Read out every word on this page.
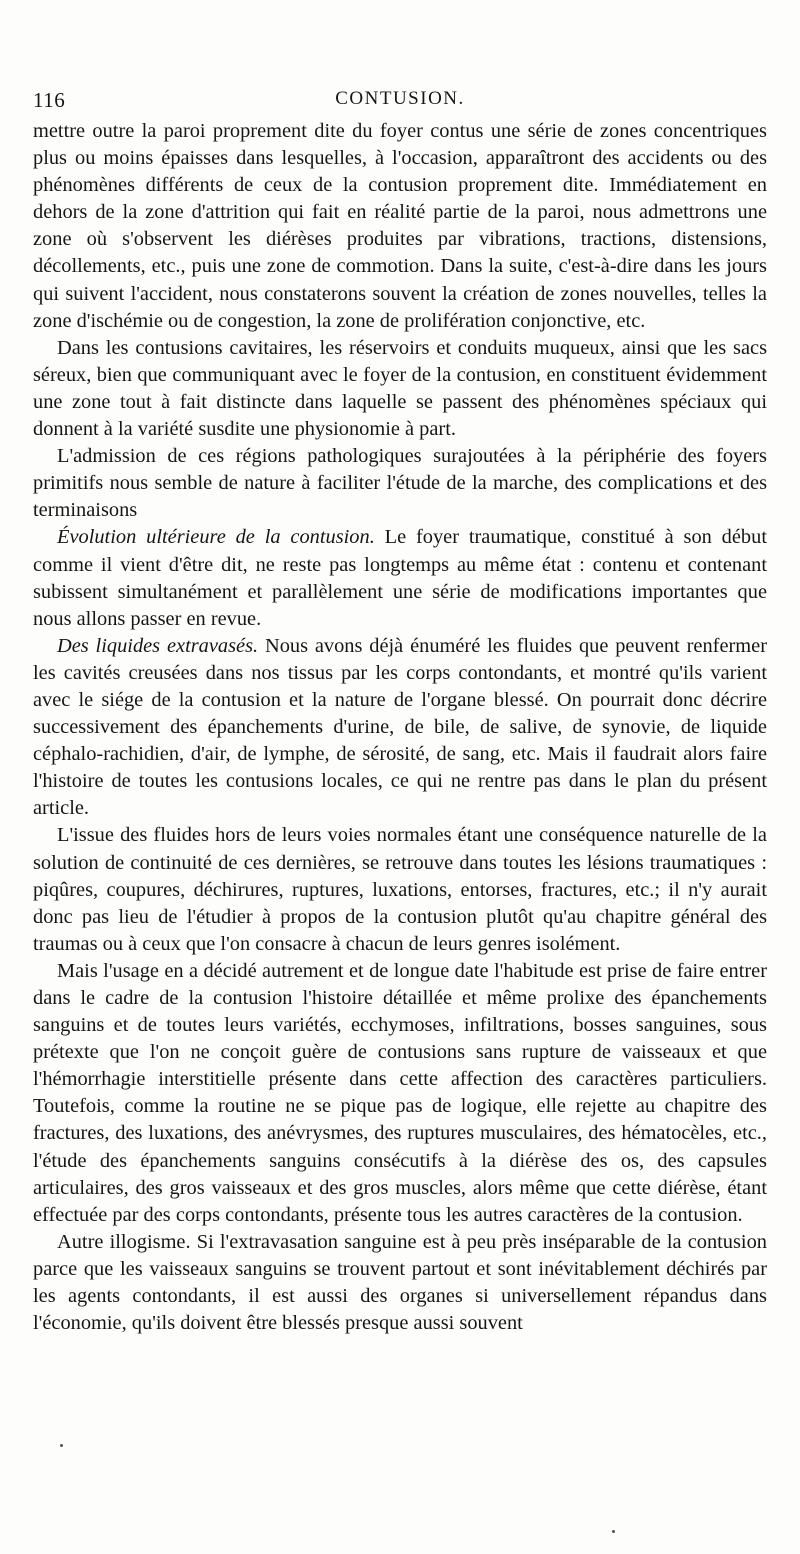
116	CONTUSION.

mettre outre la paroi proprement dite du foyer contus une série de zones concentriques plus ou moins épaisses dans lesquelles, à l'occasion, apparaîtront des accidents ou des phénomènes différents de ceux de la contusion proprement dite. Immédiatement en dehors de la zone d'attrition qui fait en réalité partie de la paroi, nous admettrons une zone où s'observent les diérèses produites par vibrations, tractions, distensions, décollements, etc., puis une zone de commotion. Dans la suite, c'est-à-dire dans les jours qui suivent l'accident, nous constaterons souvent la création de zones nouvelles, telles la zone d'ischémie ou de congestion, la zone de prolifération conjonctive, etc.

Dans les contusions cavitaires, les réservoirs et conduits muqueux, ainsi que les sacs séreux, bien que communiquant avec le foyer de la contusion, en constituent évidemment une zone tout à fait distincte dans laquelle se passent des phénomènes spéciaux qui donnent à la variété susdite une physionomie à part.

L'admission de ces régions pathologiques surajoutées à la périphérie des foyers primitifs nous semble de nature à faciliter l'étude de la marche, des complications et des terminaisons

Évolution ultérieure de la contusion. Le foyer traumatique, constitué à son début comme il vient d'être dit, ne reste pas longtemps au même état : contenu et contenant subissent simultanément et parallèlement une série de modifications importantes que nous allons passer en revue.

Des liquides extravasés. Nous avons déjà énuméré les fluides que peuvent renfermer les cavités creusées dans nos tissus par les corps contondants, et montré qu'ils varient avec le siége de la contusion et la nature de l'organe blessé. On pourrait donc décrire successivement des épanchements d'urine, de bile, de salive, de synovie, de liquide céphalo-rachidien, d'air, de lymphe, de sérosité, de sang, etc. Mais il faudrait alors faire l'histoire de toutes les contusions locales, ce qui ne rentre pas dans le plan du présent article.

L'issue des fluides hors de leurs voies normales étant une conséquence naturelle de la solution de continuité de ces dernières, se retrouve dans toutes les lésions traumatiques : piqûres, coupures, déchirures, ruptures, luxations, entorses, fractures, etc.; il n'y aurait donc pas lieu de l'étudier à propos de la contusion plutôt qu'au chapitre général des traumas ou à ceux que l'on consacre à chacun de leurs genres isolément.

Mais l'usage en a décidé autrement et de longue date l'habitude est prise de faire entrer dans le cadre de la contusion l'histoire détaillée et même prolixe des épanchements sanguins et de toutes leurs variétés, ecchymoses, infiltrations, bosses sanguines, sous prétexte que l'on ne conçoit guère de contusions sans rupture de vaisseaux et que l'hémorrhagie interstitielle présente dans cette affection des caractères particuliers. Toutefois, comme la routine ne se pique pas de logique, elle rejette au chapitre des fractures, des luxations, des anévrysmes, des ruptures musculaires, des hématocèles, etc., l'étude des épanchements sanguins consécutifs à la diérèse des os, des capsules articulaires, des gros vaisseaux et des gros muscles, alors même que cette diérèse, étant effectuée par des corps contondants, présente tous les autres caractères de la contusion.

Autre illogisme. Si l'extravasation sanguine est à peu près inséparable de la contusion parce que les vaisseaux sanguins se trouvent partout et sont inévitablement déchirés par les agents contondants, il est aussi des organes si universellement répandus dans l'économie, qu'ils doivent être blessés presque aussi souvent
